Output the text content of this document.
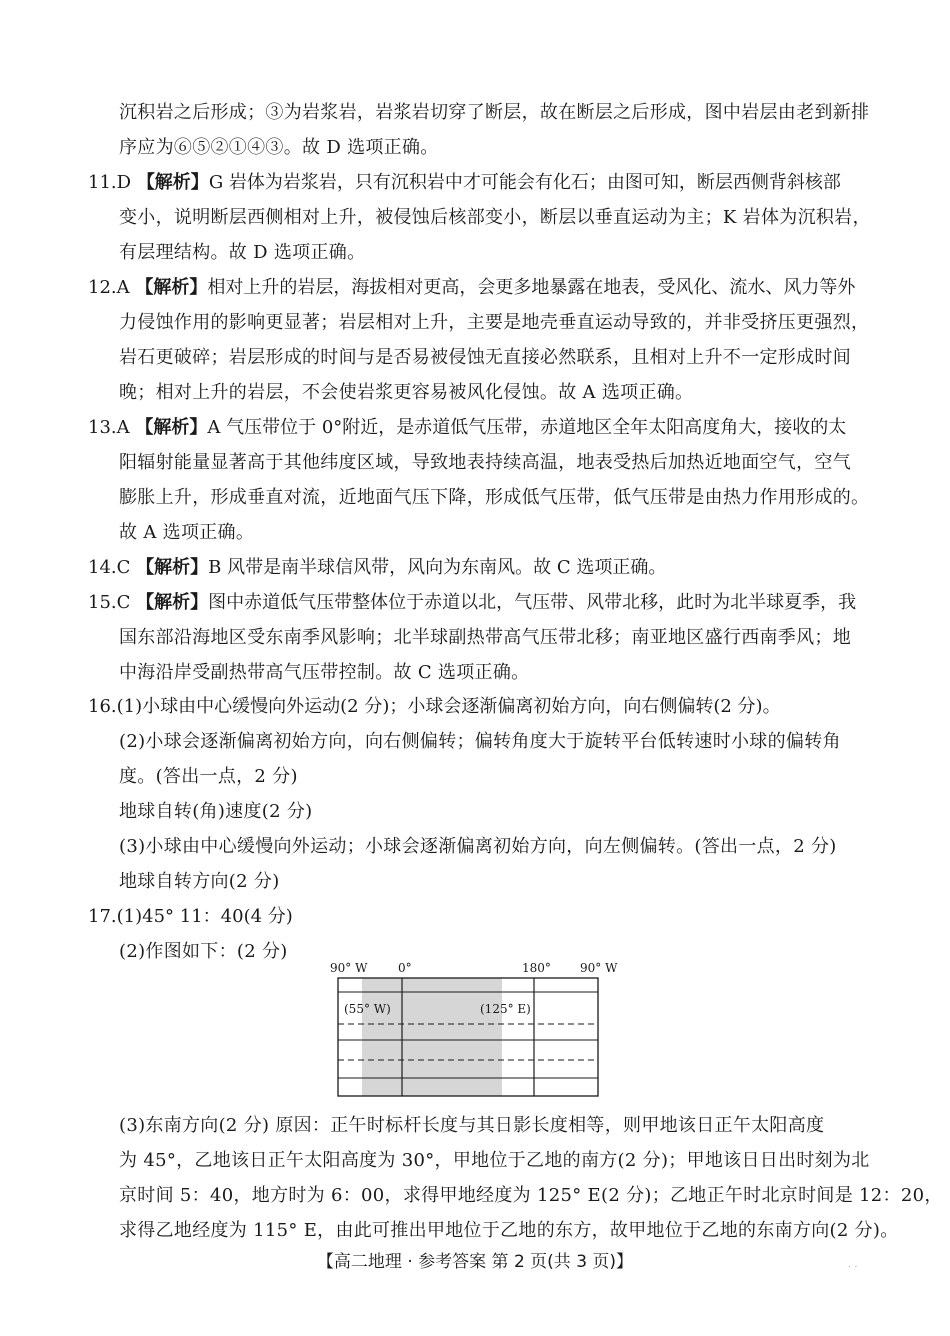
沉积岩之后形成；③为岩浆岩，岩浆岩切穿了断层，故在断层之后形成，图中岩层由老到新排
序应为⑥⑤②①④③。故 D 选项正确。
11.D 【解析】G 岩体为岩浆岩，只有沉积岩中才可能会有化石；由图可知，断层西侧背斜核部
变小，说明断层西侧相对上升，被侵蚀后核部变小，断层以垂直运动为主；K 岩体为沉积岩，
有层理结构。故 D 选项正确。
12.A 【解析】相对上升的岩层，海拔相对更高，会更多地暴露在地表，受风化、流水、风力等外
力侵蚀作用的影响更显著；岩层相对上升，主要是地壳垂直运动导致的，并非受挤压更强烈，
岩石更破碎；岩层形成的时间与是否易被侵蚀无直接必然联系，且相对上升不一定形成时间
晚；相对上升的岩层，不会使岩浆更容易被风化侵蚀。故 A 选项正确。
13.A 【解析】A 气压带位于 0°附近，是赤道低气压带，赤道地区全年太阳高度角大，接收的太
阳辐射能量显著高于其他纬度区域，导致地表持续高温，地表受热后加热近地面空气，空气
膨胀上升，形成垂直对流，近地面气压下降，形成低气压带，低气压带是由热力作用形成的。
故 A 选项正确。
14.C 【解析】B 风带是南半球信风带，风向为东南风。故 C 选项正确。
15.C 【解析】图中赤道低气压带整体位于赤道以北，气压带、风带北移，此时为北半球夏季，我
国东部沿海地区受东南季风影响；北半球副热带高气压带北移；南亚地区盛行西南季风；地
中海沿岸受副热带高气压带控制。故 C 选项正确。
16.(1)小球由中心缓慢向外运动(2 分)；小球会逐渐偏离初始方向，向右侧偏转(2 分)。
(2)小球会逐渐偏离初始方向，向右侧偏转；偏转角度大于旋转平台低转速时小球的偏转角
度。(答出一点，2 分)
地球自转(角)速度(2 分)
(3)小球由中心缓慢向外运动；小球会逐渐偏离初始方向，向左侧偏转。(答出一点，2 分)
地球自转方向(2 分)
17.(1)45° 11：40(4 分)
(2)作图如下：(2 分)
90° W	0°	180° 90° W
(55° W)	(125° E)
(3)东南方向(2 分) 原因：正午时标杆长度与其日影长度相等，则甲地该日正午太阳高度
为 45°，乙地该日正午太阳高度为 30°，甲地位于乙地的南方(2 分)；甲地该日日出时刻为北
京时间 5：40，地方时为 6：00，求得甲地经度为 125° E(2 分)；乙地正午时北京时间是 12：20，
求得乙地经度为 115° E，由此可推出甲地位于乙地的东方，故甲地位于乙地的东南方向(2 分)。
【高二地理 · 参考答案 第 2 页(共 3 页)】	· ·
